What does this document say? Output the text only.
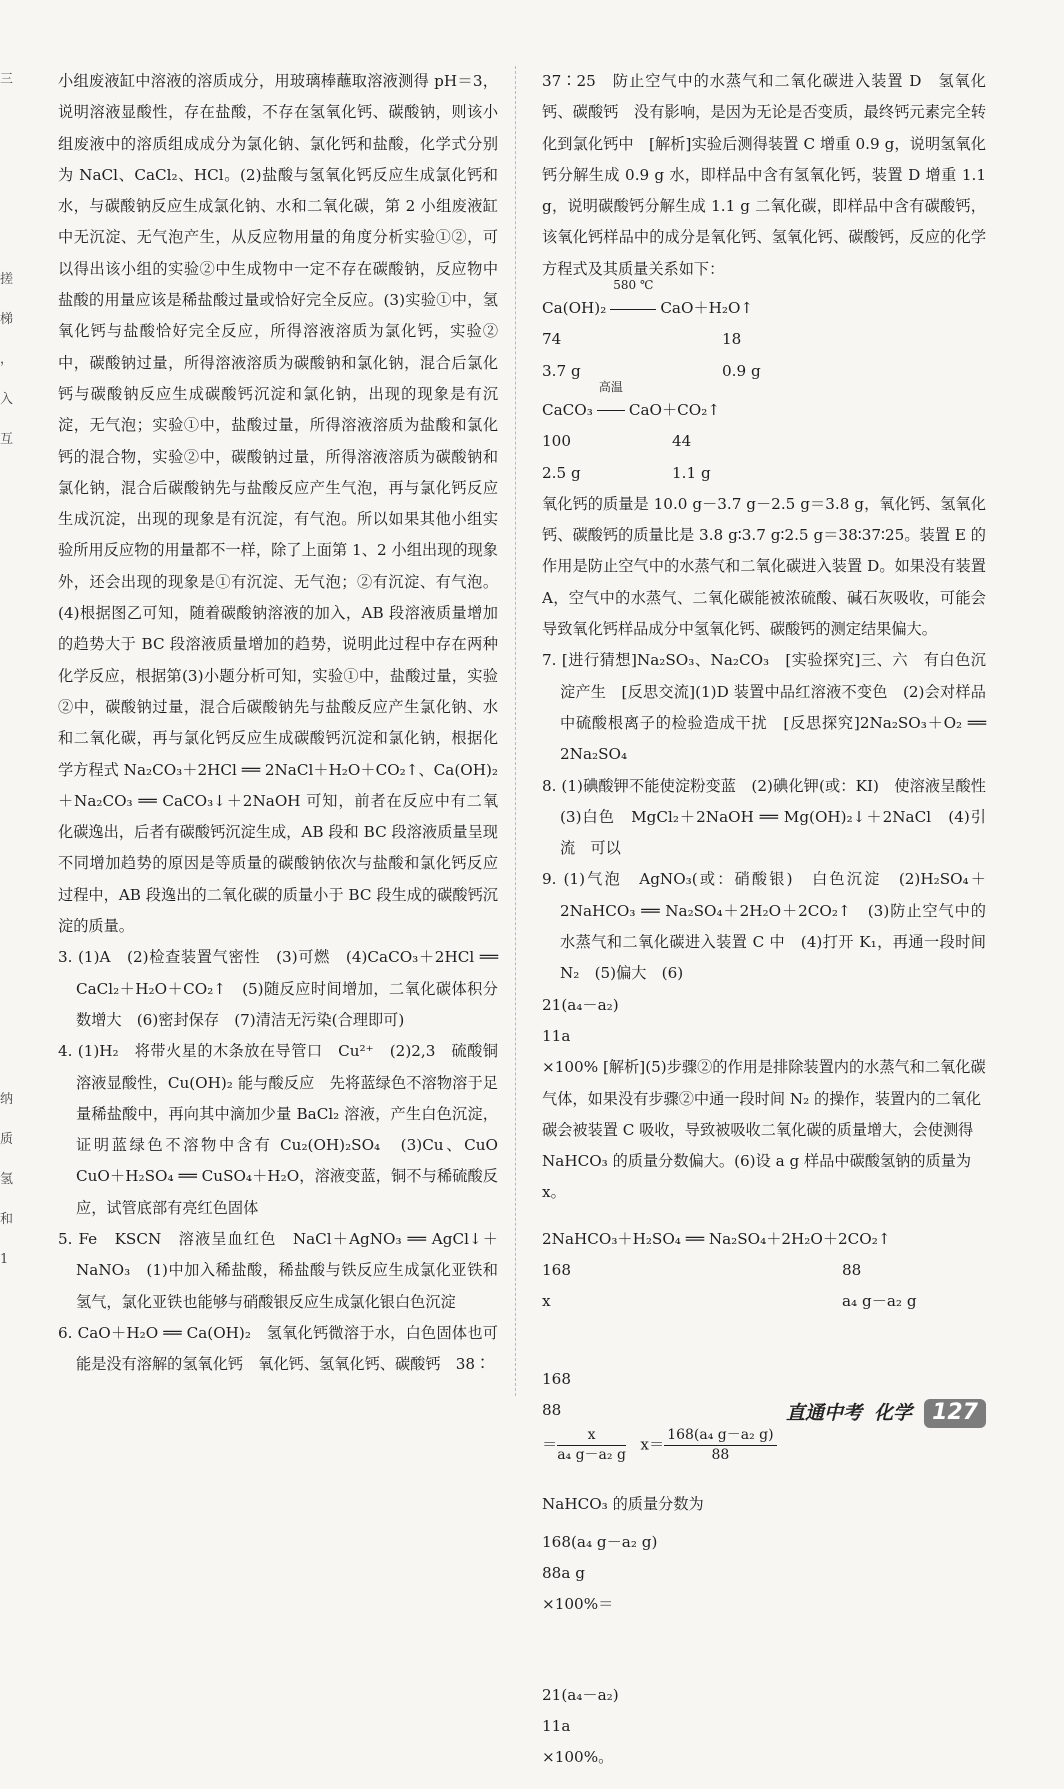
三
搓
梯
，
入
互
纳
质
氢
和
1

小组废液缸中溶液的溶质成分，用玻璃棒蘸取溶液测得 pH＝3，说明溶液显酸性，存在盐酸，不存在氢氧化钙、碳酸钠，则该小组废液中的溶质组成成分为氯化钠、氯化钙和盐酸，化学式分别为 NaCl、CaCl₂、HCl。(2)盐酸与氢氧化钙反应生成氯化钙和水，与碳酸钠反应生成氯化钠、水和二氧化碳，第 2 小组废液缸中无沉淀、无气泡产生，从反应物用量的角度分析实验①②，可以得出该小组的实验②中生成物中一定不存在碳酸钠，反应物中盐酸的用量应该是稀盐酸过量或恰好完全反应。(3)实验①中，氢氧化钙与盐酸恰好完全反应，所得溶液溶质为氯化钙，实验②中，碳酸钠过量，所得溶液溶质为碳酸钠和氯化钠，混合后氯化钙与碳酸钠反应生成碳酸钙沉淀和氯化钠，出现的现象是有沉淀，无气泡；实验①中，盐酸过量，所得溶液溶质为盐酸和氯化钙的混合物，实验②中，碳酸钠过量，所得溶液溶质为碳酸钠和氯化钠，混合后碳酸钠先与盐酸反应产生气泡，再与氯化钙反应生成沉淀，出现的现象是有沉淀，有气泡。所以如果其他小组实验所用反应物的用量都不一样，除了上面第 1、2 小组出现的现象外，还会出现的现象是①有沉淀、无气泡；②有沉淀、有气泡。(4)根据图乙可知，随着碳酸钠溶液的加入，AB 段溶液质量增加的趋势大于 BC 段溶液质量增加的趋势，说明此过程中存在两种化学反应，根据第(3)小题分析可知，实验①中，盐酸过量，实验②中，碳酸钠过量，混合后碳酸钠先与盐酸反应产生氯化钠、水和二氧化碳，再与氯化钙反应生成碳酸钙沉淀和氯化钠，根据化学方程式 Na₂CO₃＋2HCl ══ 2NaCl＋H₂O＋CO₂↑、Ca(OH)₂＋Na₂CO₃ ══ CaCO₃↓＋2NaOH 可知，前者在反应中有二氧化碳逸出，后者有碳酸钙沉淀生成，AB 段和 BC 段溶液质量呈现不同增加趋势的原因是等质量的碳酸钠依次与盐酸和氯化钙反应过程中，AB 段逸出的二氧化碳的质量小于 BC 段生成的碳酸钙沉淀的质量。

3. (1)A　(2)检查装置气密性　(3)可燃　(4)CaCO₃＋2HCl ══ CaCl₂＋H₂O＋CO₂↑　(5)随反应时间增加，二氧化碳体积分数增大　(6)密封保存　(7)清洁无污染(合理即可)

4. (1)H₂　将带火星的木条放在导管口　Cu²⁺　(2)2,3　硫酸铜溶液显酸性，Cu(OH)₂ 能与酸反应　先将蓝绿色不溶物溶于足量稀盐酸中，再向其中滴加少量 BaCl₂ 溶液，产生白色沉淀，证明蓝绿色不溶物中含有 Cu₂(OH)₂SO₄　(3)Cu、CuO　CuO＋H₂SO₄ ══ CuSO₄＋H₂O，溶液变蓝，铜不与稀硫酸反应，试管底部有亮红色固体

5. Fe　KSCN　溶液呈血红色　NaCl＋AgNO₃ ══ AgCl↓＋NaNO₃　(1)中加入稀盐酸，稀盐酸与铁反应生成氯化亚铁和氢气，氯化亚铁也能够与硝酸银反应生成氯化银白色沉淀

6. CaO＋H₂O ══ Ca(OH)₂　氢氧化钙微溶于水，白色固体也可能是没有溶解的氢氧化钙　氧化钙、氢氧化钙、碳酸钙　38∶

37∶25　防止空气中的水蒸气和二氧化碳进入装置 D　氢氧化钙、碳酸钙　没有影响，是因为无论是否变质，最终钙元素完全转化到氯化钙中　[解析]实验后测得装置 C 增重 0.9 g，说明氢氧化钙分解生成 0.9 g 水，即样品中含有氢氧化钙，装置 D 增重 1.1 g，说明碳酸钙分解生成 1.1 g 二氧化碳，即样品中含有碳酸钙，该氧化钙样品中的成分是氧化钙、氢氧化钙、碳酸钙，反应的化学方程式及其质量关系如下：

Ca(OH)₂
580 ℃
CaO＋H₂O↑

74	18

3.7 g	0.9 g

CaCO₃
高温
CaO＋CO₂↑

100	44

2.5 g	1.1 g

氧化钙的质量是 10.0 g－3.7 g－2.5 g＝3.8 g，氧化钙、氢氧化钙、碳酸钙的质量比是 3.8 g∶3.7 g∶2.5 g＝38∶37∶25。装置 E 的作用是防止空气中的水蒸气和二氧化碳进入装置 D。如果没有装置 A，空气中的水蒸气、二氧化碳能被浓硫酸、碱石灰吸收，可能会导致氧化钙样品成分中氢氧化钙、碳酸钙的测定结果偏大。

7. [进行猜想]Na₂SO₃、Na₂CO₃　[实验探究]三、六　有白色沉淀产生　[反思交流](1)D 装置中品红溶液不变色　(2)会对样品中硫酸根离子的检验造成干扰　[反思探究]2Na₂SO₃＋O₂ ══ 2Na₂SO₄

8. (1)碘酸钾不能使淀粉变蓝　(2)碘化钾(或：KI)　使溶液呈酸性　(3)白色　MgCl₂＋2NaOH ══ Mg(OH)₂↓＋2NaCl　(4)引流　可以

9. (1)气泡　AgNO₃(或：硝酸银)　白色沉淀　(2)H₂SO₄＋2NaHCO₃ ══ Na₂SO₄＋2H₂O＋2CO₂↑　(3)防止空气中的水蒸气和二氧化碳进入装置 C 中　(4)打开 K₁，再通一段时间 N₂　(5)偏大　(6)

21(a₄－a₂)
11a
×100% [解析](5)步骤②的作用是排除装置内的水蒸气和二氧化碳气体，如果没有步骤②中通一段时间 N₂ 的操作，装置内的二氧化碳会被装置 C 吸收，导致被吸收二氧化碳的质量增大，会使测得 NaHCO₃ 的质量分数偏大。(6)设 a g 样品中碳酸氢钠的质量为 x。

2NaHCO₃＋H₂SO₄ ══ Na₂SO₄＋2H₂O＋2CO₂↑

168	88

x	a₄ g－a₂ g

168
88
＝ $\frac{x}{\text{a₄ g－a₂ g}} x= \frac{\text{168(a₄ g－a₂ g)}}{88}$

NaHCO₃ 的质量分数为

168(a₄ g－a₂ g)
88a g
×100%＝

21(a₄－a₂)
11a
×100%。

直通中考 化学 127
